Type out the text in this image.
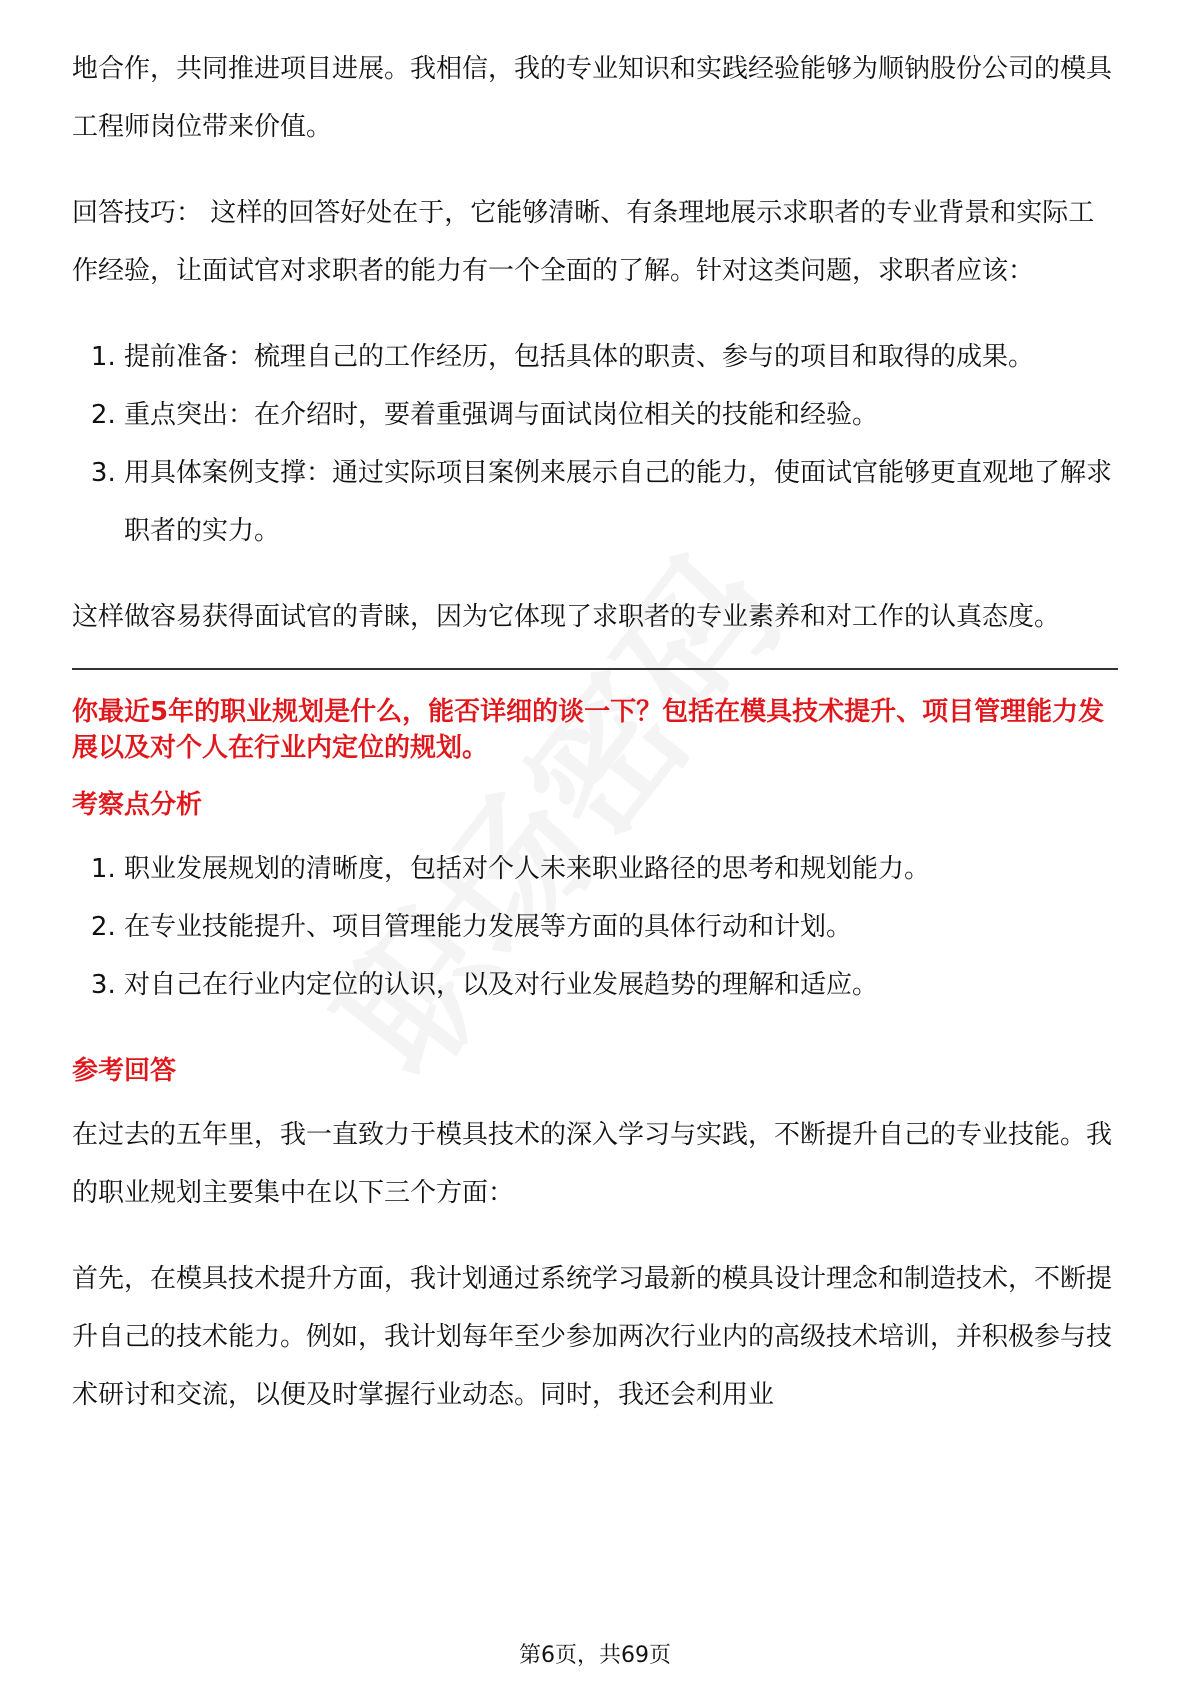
地合作，共同推进项目进展。我相信，我的专业知识和实践经验能够为顺钠股份公司的模具工程师岗位带来价值。

回答技巧： 这样的回答好处在于，它能够清晰、有条理地展示求职者的专业背景和实际工作经验，让面试官对求职者的能力有一个全面的了解。针对这类问题，求职者应该：

1. 提前准备：梳理自己的工作经历，包括具体的职责、参与的项目和取得的成果。
2. 重点突出：在介绍时，要着重强调与面试岗位相关的技能和经验。
3. 用具体案例支撑：通过实际项目案例来展示自己的能力，使面试官能够更直观地了解求职者的实力。

这样做容易获得面试官的青睐，因为它体现了求职者的专业素养和对工作的认真态度。

你最近5年的职业规划是什么，能否详细的谈一下？包括在模具技术提升、项目管理能力发展以及对个人在行业内定位的规划。

考察点分析

1. 职业发展规划的清晰度，包括对个人未来职业路径的思考和规划能力。
2. 在专业技能提升、项目管理能力发展等方面的具体行动和计划。
3. 对自己在行业内定位的认识，以及对行业发展趋势的理解和适应。

参考回答

在过去的五年里，我一直致力于模具技术的深入学习与实践，不断提升自己的专业技能。我的职业规划主要集中在以下三个方面：

首先，在模具技术提升方面，我计划通过系统学习最新的模具设计理念和制造技术，不断提升自己的技术能力。例如，我计划每年至少参加两次行业内的高级技术培训，并积极参与技术研讨和交流，以便及时掌握行业动态。同时，我还会利用业

第6页，共69页
